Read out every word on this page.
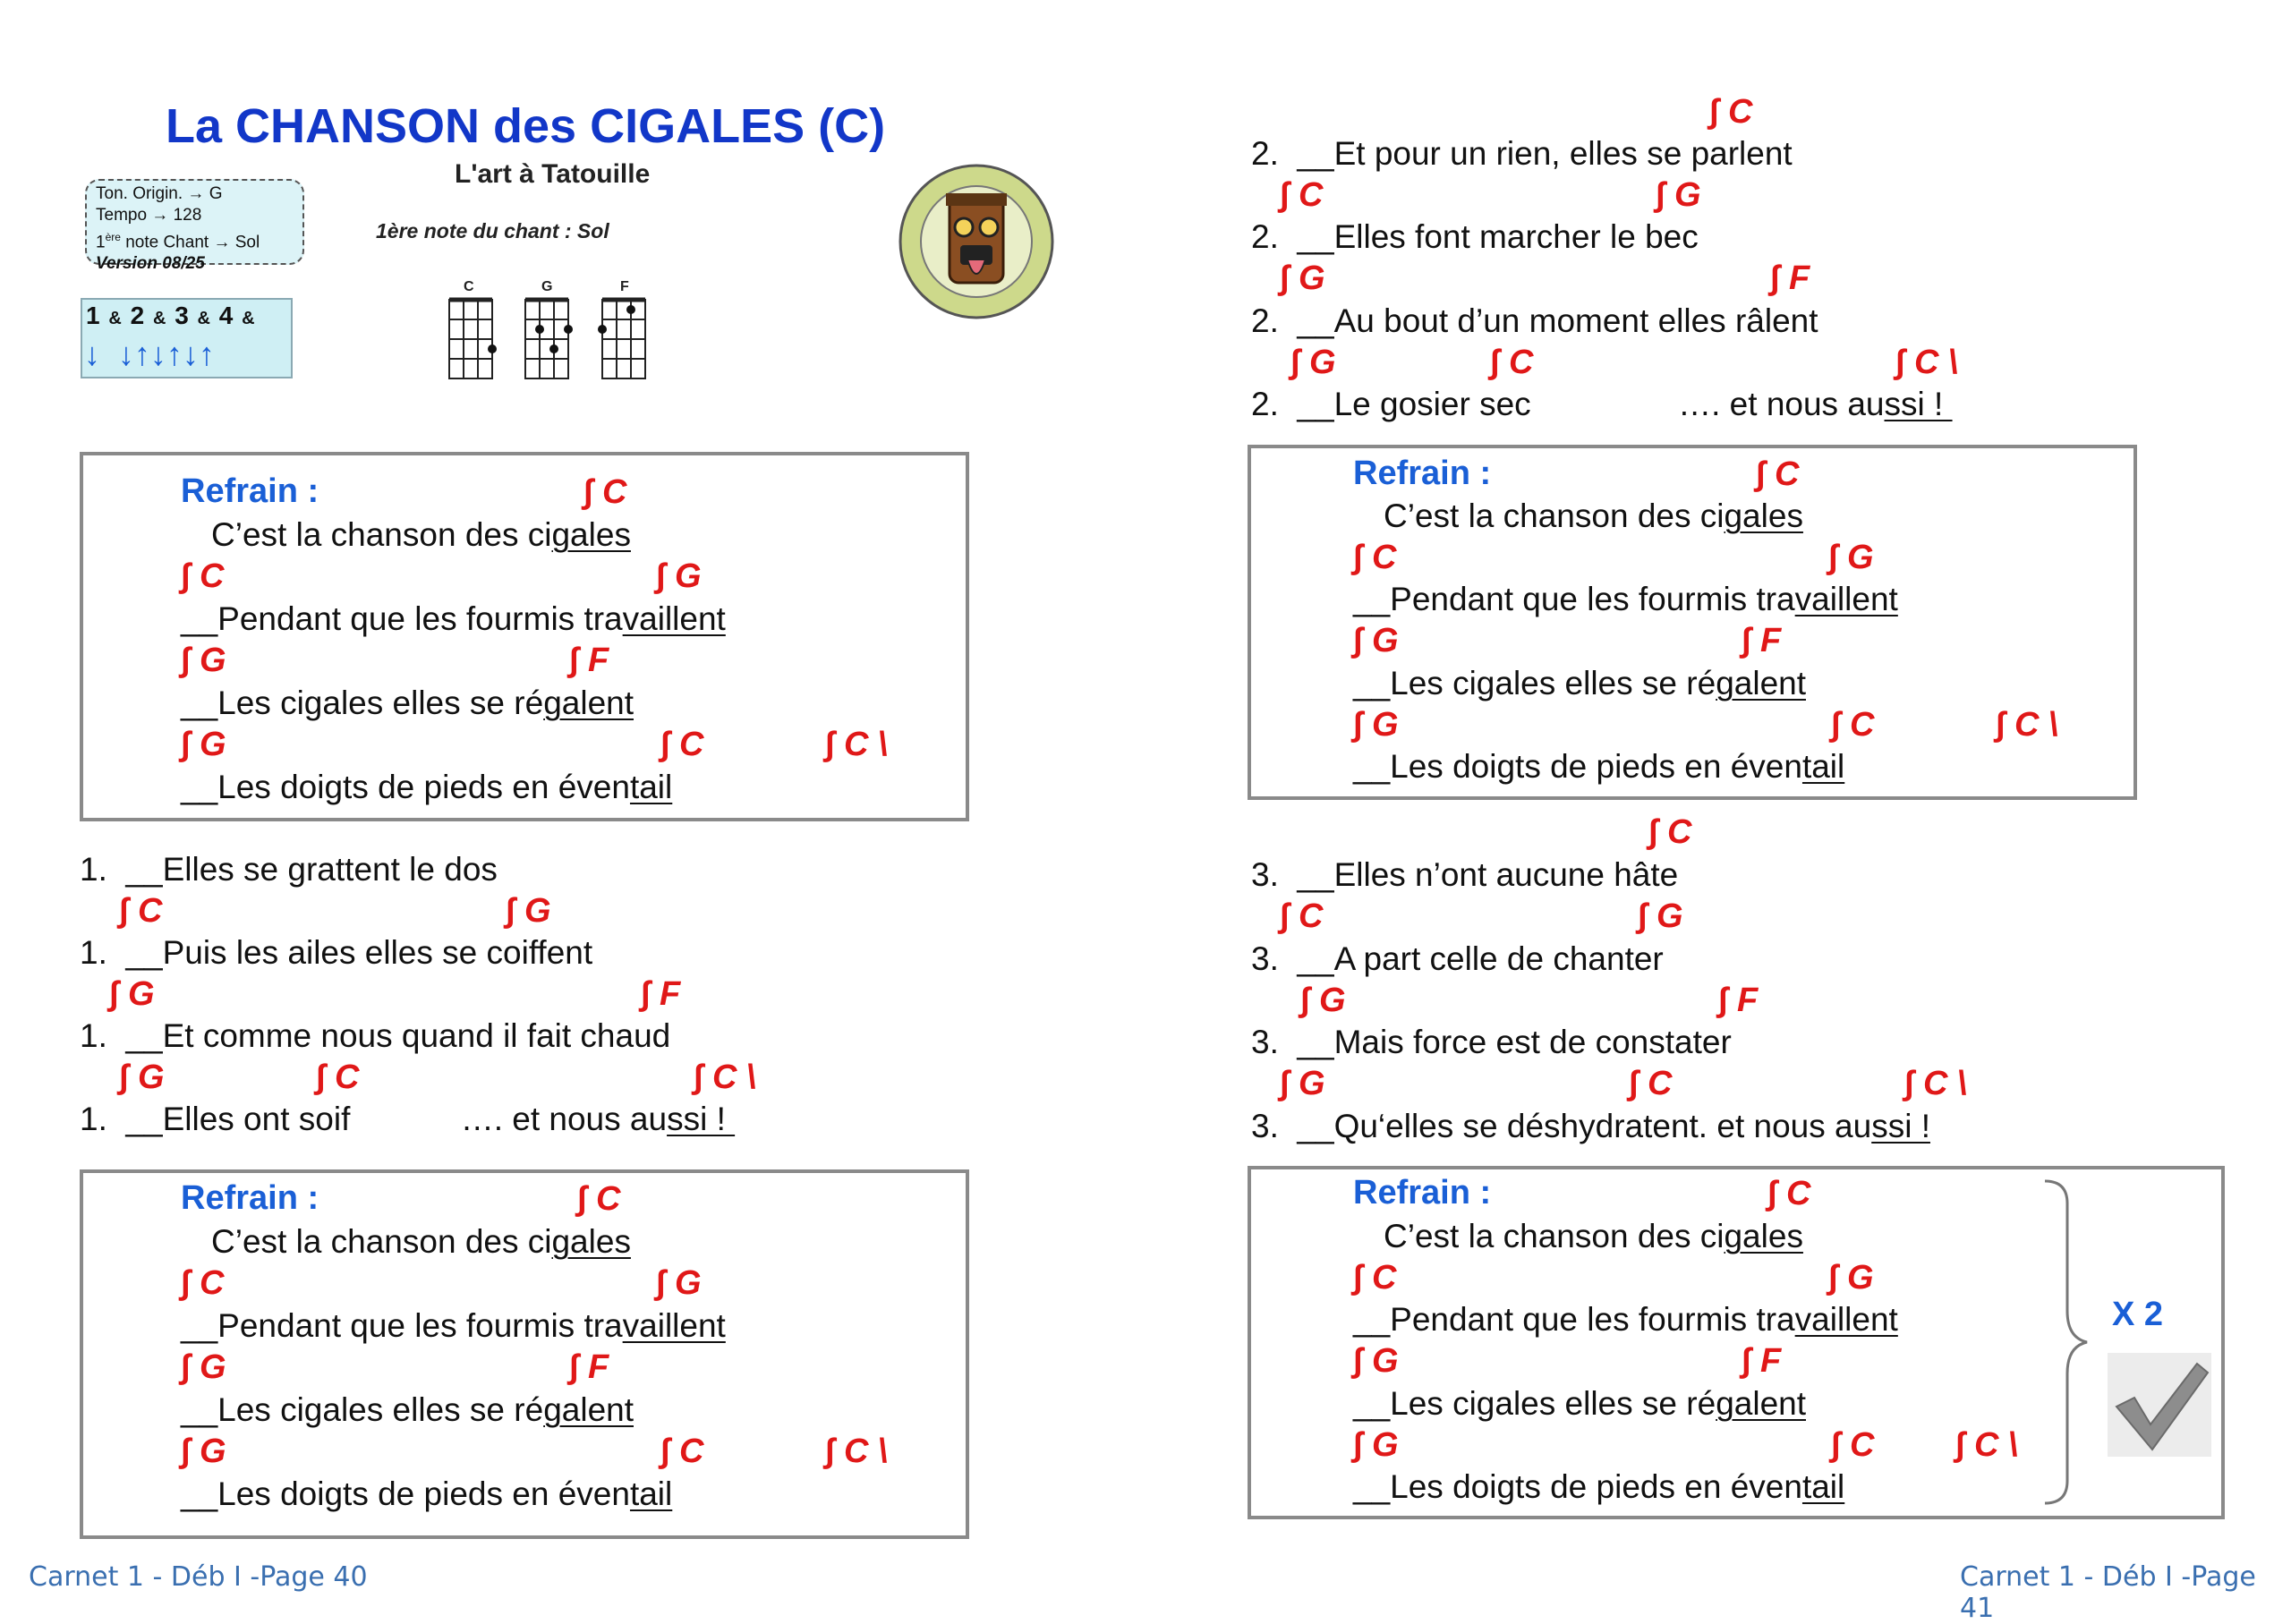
La CHANSON des CIGALES (C)
L'art à Tatouille
Ton. Origin. → G
Tempo → 128
1ère note Chant → Sol
Version 08/25
1 & 2 & 3 & 4 &
↓  ↓↑↓↑↓↑
1ère note du chant : Sol
C	G	F
Refrain :	∫ C
C’est la chanson des cigales
∫ C	∫ G
__Pendant que les fourmis travaillent
∫ G	∫ F
__Les cigales elles se régalent
∫ G	∫ C	∫ C \
__Les doigts de pieds en éventail
1. __Elles se grattent le dos
∫ C	∫ G
1. __Puis les ailes elles se coiffent
∫ G	∫ F
1. __Et comme nous quand il fait chaud
∫ G	∫ C	∫ C \
1. __Elles ont soif            …. et nous aussi !
Refrain :	∫ C
C’est la chanson des cigales
∫ C	∫ G
__Pendant que les fourmis travaillent
∫ G	∫ F
__Les cigales elles se régalent
∫ G	∫ C	∫ C \
__Les doigts de pieds en éventail
Carnet 1 - Déb I -Page 40
∫ C
2. __Et pour un rien, elles se parlent
∫ C	∫ G
2. __Elles font marcher le bec
∫ G	∫ F
2. __Au bout d’un moment elles râlent
∫ G	∫ C	∫ C \
2. __Le gosier sec                …. et nous aussi !
Refrain :	∫ C
C’est la chanson des cigales
∫ C	∫ G
__Pendant que les fourmis travaillent
∫ G	∫ F
__Les cigales elles se régalent
∫ G	∫ C	∫ C \
__Les doigts de pieds en éventail
∫ C
3. __Elles n’ont aucune hâte
∫ C	∫ G
3. __A part celle de chanter
∫ G	∫ F
3. __Mais force est de constater
∫ G	∫ C	∫ C \
3. __Qu‘elles se déshydratent. et nous aussi !
Refrain :	∫ C
C’est la chanson des cigales
∫ C	∫ G
__Pendant que les fourmis travaillent
∫ G	∫ F
__Les cigales elles se régalent
∫ G	∫ C ∫ C \
__Les doigts de pieds en éventail
X 2
Carnet 1 - Déb I -Page 41
